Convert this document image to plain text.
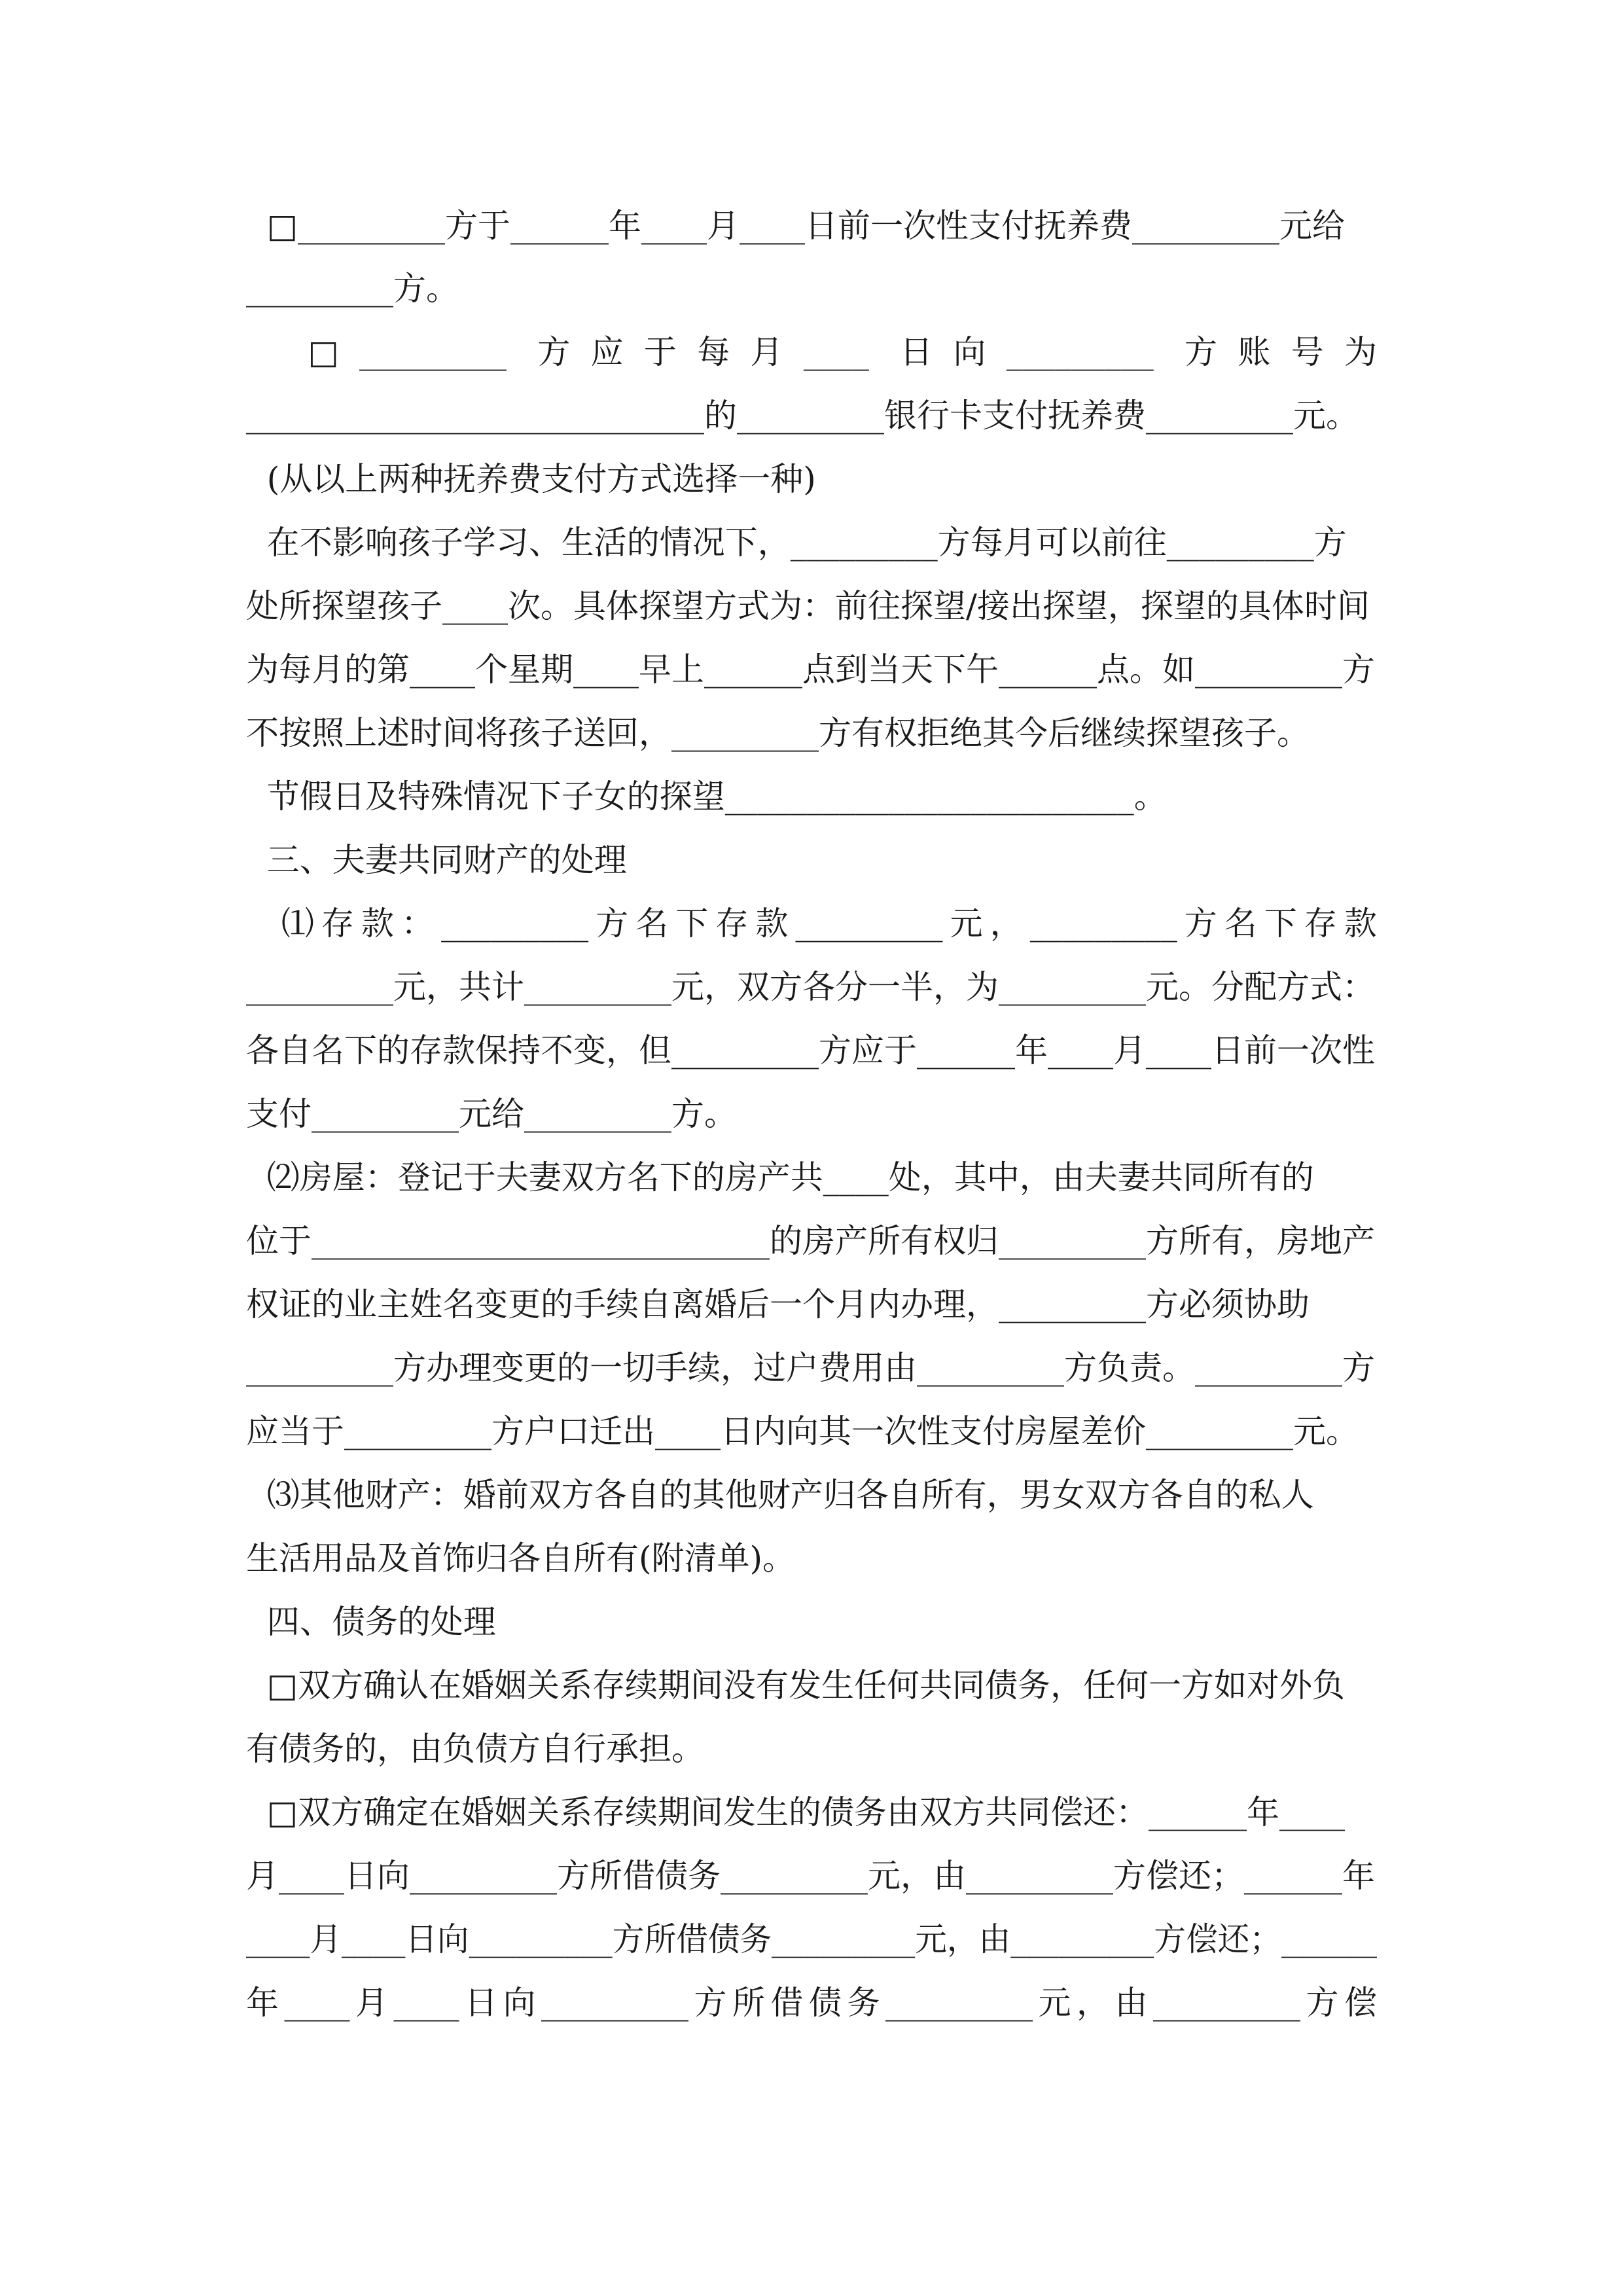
□_________方于______年____月____日前一次性支付抚养费_________元给
_________方。
□_________ 方应于每月____ 日向_________ 方账号为
____________________________的_________银行卡支付抚养费_________元。
(从以上两种抚养费支付方式选择一种)
在不影响孩子学习、生活的情况下，_________方每月可以前往_________方
处所探望孩子____次。具体探望方式为：前往探望/接出探望，探望的具体时间
为每月的第____个星期____早上______点到当天下午______点。如_________方
不按照上述时间将孩子送回，_________方有权拒绝其今后继续探望孩子。
节假日及特殊情况下子女的探望_________________________。
三、夫妻共同财产的处理
⑴存款：_________方名下存款_________元，_________方名下存款
_________元，共计_________元，双方各分一半，为_________元。分配方式：
各自名下的存款保持不变，但_________方应于______年____月____日前一次性
支付_________元给_________方。
⑵房屋：登记于夫妻双方名下的房产共____处，其中，由夫妻共同所有的
位于____________________________的房产所有权归_________方所有，房地产
权证的业主姓名变更的手续自离婚后一个月内办理，_________方必须协助
_________方办理变更的一切手续，过户费用由_________方负责。_________方
应当于_________方户口迁出____日内向其一次性支付房屋差价_________元。
⑶其他财产：婚前双方各自的其他财产归各自所有，男女双方各自的私人
生活用品及首饰归各自所有(附清单)。
四、债务的处理
□双方确认在婚姻关系存续期间没有发生任何共同债务，任何一方如对外负
有债务的，由负债方自行承担。
□双方确定在婚姻关系存续期间发生的债务由双方共同偿还：______年____
月____日向_________方所借债务_________元，由_________方偿还；______年
____月____日向_________方所借债务_________元，由_________方偿还；______
年____月____日向_________方所借债务_________元，由_________方偿
